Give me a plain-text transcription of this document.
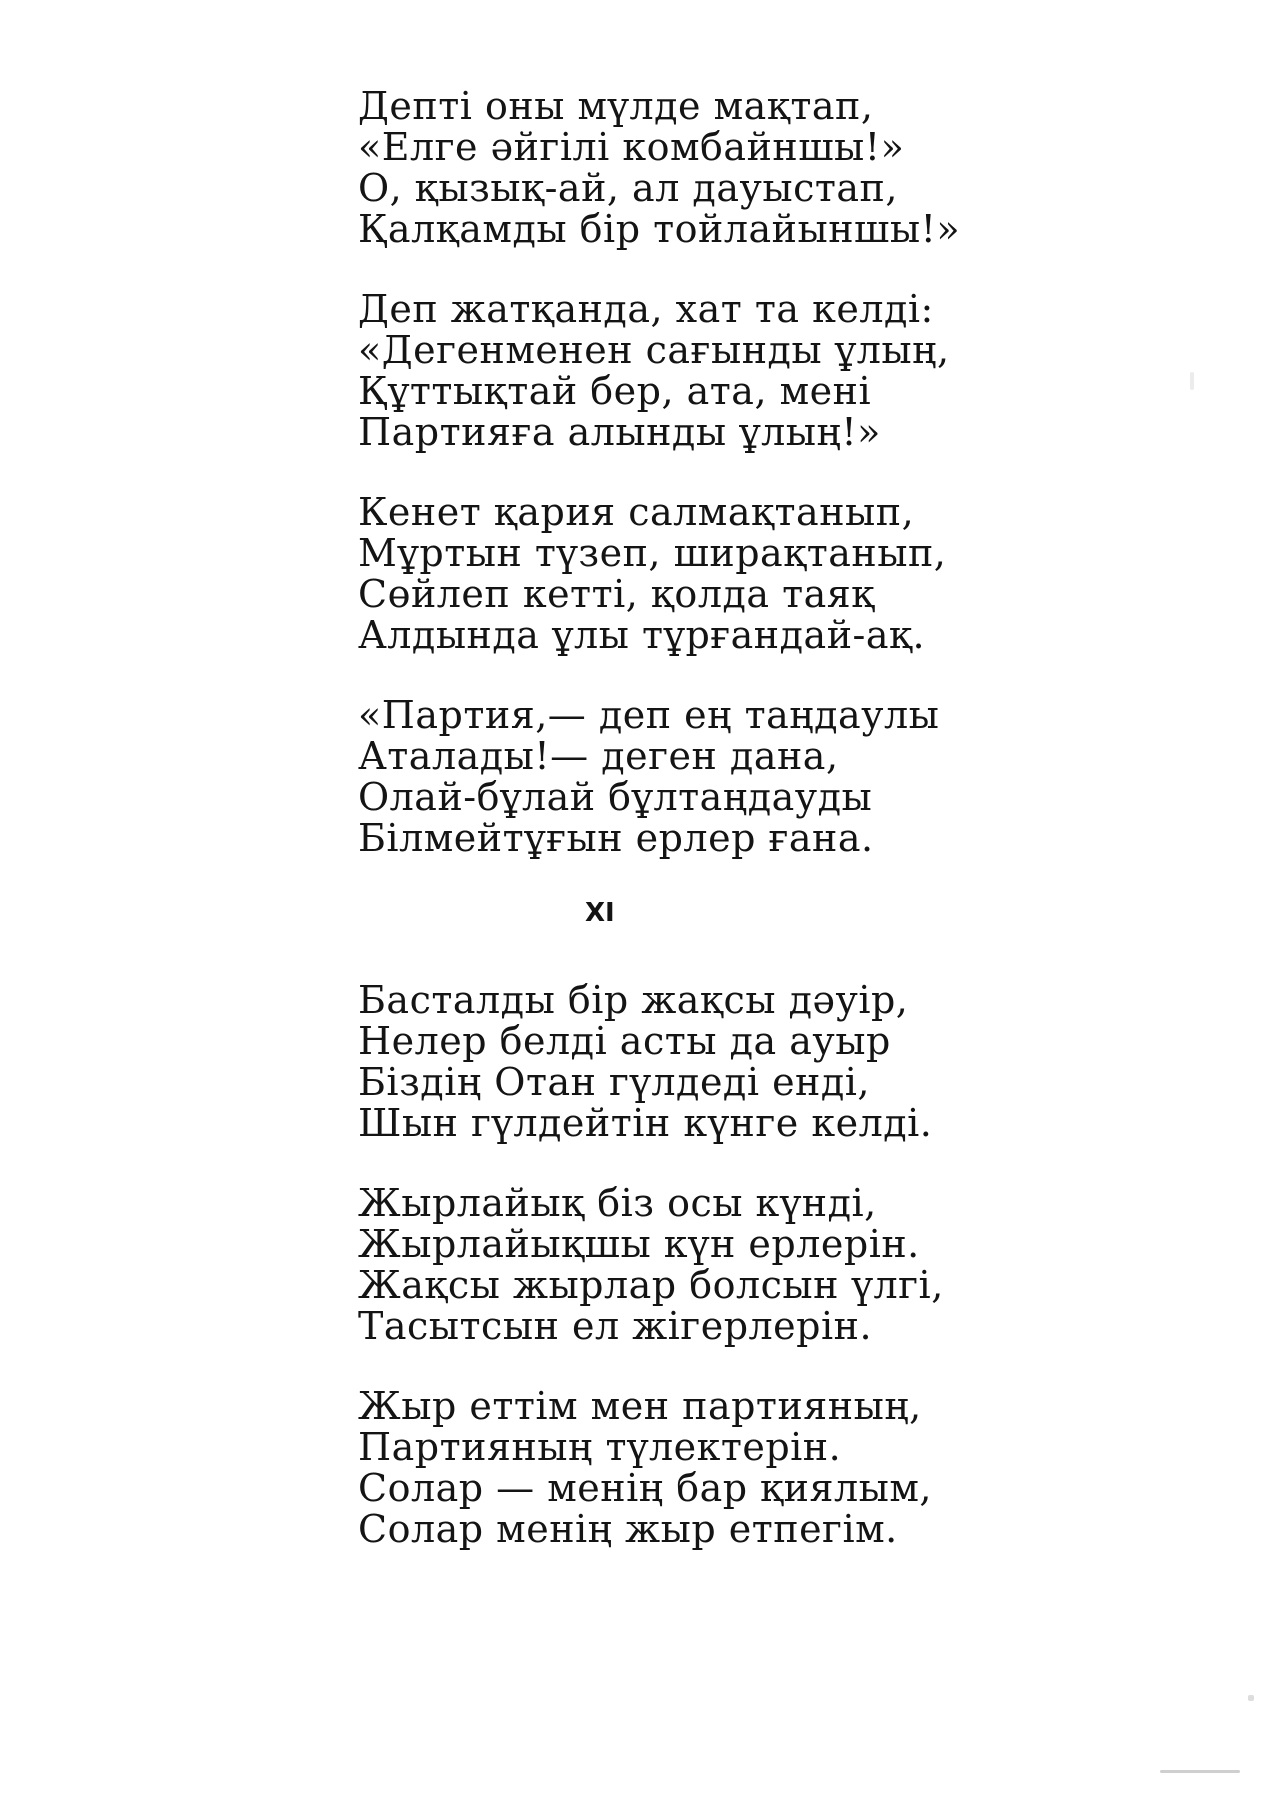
Депті оны мүлде мақтап,
«Елге әйгілі комбайншы!»
О, қызық-ай, ал дауыстап,
Қалқамды бір тойлайыншы!»
Деп жатқанда, хат та келді:
«Дегенменен сағынды ұлың,
Құттықтай бер, ата, мені
Партияға алынды ұлың!»
Кенет қария салмақтанып,
Мұртын түзеп, ширақтанып,
Сөйлеп кетті, қолда таяқ
Алдында ұлы тұрғандай-ақ.
«Партия,— деп ең таңдаулы
Аталады!— деген дана,
Олай-бұлай бұлтаңдауды
Білмейтұғын ерлер ғана.
XI
Басталды бір жақсы дәуір,
Нелер белді асты да ауыр
Біздің Отан гүлдеді енді,
Шын гүлдейтін күнге келді.
Жырлайық біз осы күнді,
Жырлайықшы күн ерлерін.
Жақсы жырлар болсын үлгі,
Тасытсын ел жігерлерін.
Жыр еттім мен партияның,
Партияның түлектерін.
Солар — менің бар қиялым,
Солар менің жыр етпегім.
